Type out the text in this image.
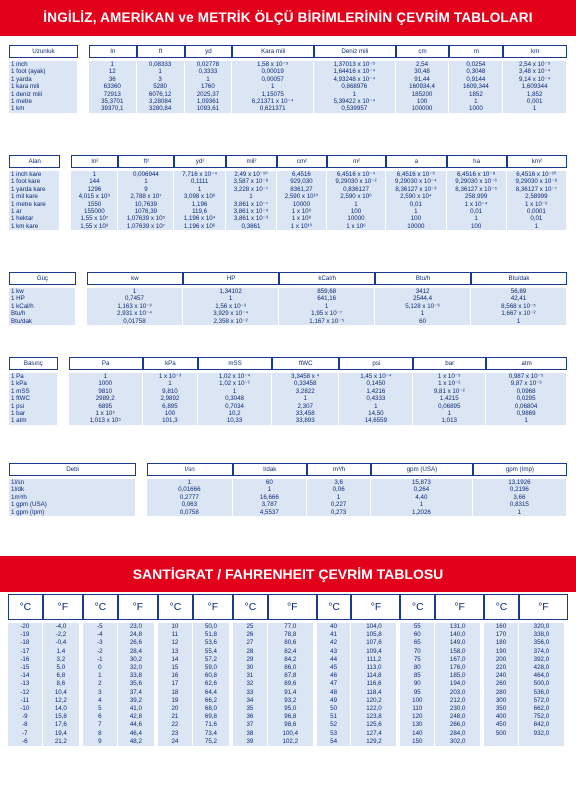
İNGİLİZ, AMERİKAN ve METRİK ÖLÇÜ BİRİMLERİNİN ÇEVRİM TABLOLARI
Uzunluk		In	ft	yd	Kara mili	Deniz mili	cm	m	km

1 inch		1	0,08333	0,02778	1,58 x 10⁻⁵	1,37013 x 10⁻⁵	2,54	0,0254	2,54 x 10⁻⁵
1 foot (ayak)		12	1	0,3333	0,00019	1,64416 x 10⁻⁴	30,48	0,3048	3,48 x 10⁻⁴
1 yarda		36	3	1	0,00057	4,93248 x 10⁻⁴	91,44	0,9144	9,14 x 10⁻⁴
1 kara mili		63360	5280	1760	1	0,868976	160934,4	1609,344	1,609344
1 deniz mili		72913	6076,12	2025,37	1,15075	1	185200	1852	1,852
1 metre		35,3701	3,28084	1,09361	6,21371 x 10⁻⁴	5,39422 x 10⁻⁴	100	1	0,001
1 km		39370,1	3280,84	1093,61	0,621371	0,539957	100000	1000	1
Alan		In²	ft²	yd²	mil²	cm²	m²	a	ha	km²

1 inch kare		1	0,006944	7,716 x 10⁻⁴	2,49 x 10⁻¹⁰	6,4516	6,4516 x 10⁻⁴	6,4516 x 10⁻⁶	6,4516 x 10⁻⁸	6,4516 x 10⁻¹⁰
1 foot kare		144	1	0,1111	3,587 x 10⁻⁸	929,030	9,29030 x 10⁻²	9,29030 x 10⁻⁴	9,29030 x 10⁻⁶	9,29030 x 10⁻⁸
1 yarda kare		1296	9	1	3,228 x 10⁻⁷	8361,27	0,836127	8,36127 x 10⁻³	8,36127 x 10⁻⁵	8,36127 x 10⁻⁷
1 mil kare		4,015 x 10⁹	2,788 x 10⁷	3,098 x 10⁶	1	2,590 x 10¹⁰	2,590 x 10⁶	2,590 x 10⁴	258,999	2,58999
1 metre kare		1550	10,7639	1,196	3,861 x 10⁻⁷	10000	1	0,01	1 x 10⁻⁴	1 x 10⁻⁶
1 ar		155000	1076,39	119,6	3,861 x 10⁻⁵	1 x 10⁶	100	1	0,01	0,0001
1 hektar		1,55 x 10⁷	1,07639 x 10⁵	1,196 x 10⁴	3,861 x 10⁻³	1 x 10⁸	10000	100	1	0,01
1 km kare		1,55 x 10⁹	1,07639 x 10⁷	1,196 x 10⁶	0,3861	1 x 10¹⁰	1 x 10⁶	10000	100	1
Güç		kw	HP	kCal/h	Btu/h	Btu/dak

1 kw		1	1,34102	859,68	3412	56,89
1 HP		0,7457	1	641,16	2544,4	42,41
1 kCal/h		1,163 x 10⁻³	1,56 x 10⁻³	1	5,128 x 10⁻⁶	8,568 x 10⁻⁵
Btu/h		2,931 x 10⁻⁴	3,929 x 10⁻⁴	1,95 x 10⁻⁷	1	1,667 x 10⁻²
Btu/dak		0,01758	2,358 x 10⁻²	1,167 x 10⁻⁵	60	1
Basınç		Pa	kPa	mSS	ftWC	psi	bar	atm

1 Pa		1	1 x 10⁻³	1,02 x 10⁻⁴	3,3458 x ⁴	1,45 x 10⁻⁴	1 x 10⁻⁵	0,987 x 10⁻⁵
1 kPa		1000	1	1,02 x 10⁻¹	0,33458	0,1450	1 x 10⁻²	9,87 x 10⁻³
1 mSS		9810	9,810	1	3,2822	1,4216	9,81 x 10⁻²	0,0968
1 ftWC		2989,2	2,9892	0,3048	1	0,4333	1,4215	0,0295
1 psi		6895	6,895	0,7034	2,307	1	0,06895	0,06804
1 bar		1 x 10⁵	100	10,2	33,458	14,50	1	0,9869
1 atm		1,013 x 10⁵	101,3	10,33	33,893	14,6559	1,013	1
Debi		l/sn	l/dak	m³/h	gpm (USA)	gpm (Imp)

1l/sn		1	60	3,6	15,873	13,1926
1l/dk		0,01666	1	0,06	0,264	0,2196
1m³/h		0,2777	16,666	1	4,40	3,66
1 gpm (USA)		0,063	3,787	0,227	1	0,8315
1 gpm (Ipm)		0,0758	4,5537	0,273	1,2026	1
SANTİGRAT / FAHRENHEIT ÇEVRİM TABLOSU
°C	°F	°C	°F	°C	°F	°C	°F	°C	°F	°C	°F	°C	°F

-20	-4,0	-5	23,0	10	50,0	25	77,0	40	104,0	55	131,0	160	320,0
-19	-2,2	-4	24,8	11	51,8	26	78,8	41	105,8	60	140,0	170	338,0
-18	-0,4	-3	26,6	12	53,6	27	80,6	42	107,6	65	149,0	180	356,0
-17	1,4	-2	28,4	13	55,4	28	82,4	43	109,4	70	158,0	190	374,0
-16	3,2	-1	30,2	14	57,2	29	84,2	44	111,2	75	167,0	200	392,0
-15	5,0	0	32,0	15	59,0	30	86,0	45	113,0	80	176,0	220	428,0
-14	6,8	1	33,8	16	60,8	31	87,8	46	114,8	85	185,0	240	464,0
-13	8,6	2	35,6	17	62,6	32	89,6	47	116,6	90	194,0	260	500,0
-12	10,4	3	37,4	18	64,4	33	91,4	48	118,4	95	203,0	280	536,0
-11	12,2	4	39,2	19	66,2	34	93,2	49	120,2	100	212,0	300	572,0
-10	14,0	5	41,0	20	68,0	35	95,0	50	122,0	110	230,0	350	662,0
-9	15,8	6	42,8	21	69,8	36	96,8	51	123,8	120	248,0	400	752,0
-8	17,6	7	44,6	22	71,6	37	98,6	52	125,6	130	266,0	450	842,0
-7	19,4	8	46,4	23	73,4	38	100,4	53	127,4	140	284,0	500	932,0
-6	21,2	9	48,2	24	75,2	39	102,2	54	129,2	150	302,0		
